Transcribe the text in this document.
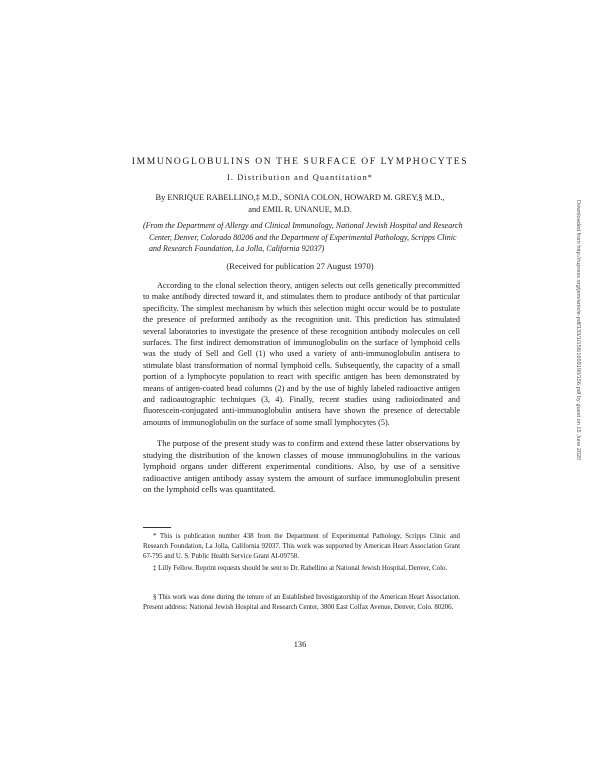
IMMUNOGLOBULINS ON THE SURFACE OF LYMPHOCYTES

I. Distribution and Quantitation*

By ENRIQUE RABELLINO,‡ M.D., SONIA COLON, HOWARD M. GREY,§ M.D.,
and EMIL R. UNANUE, M.D.

(From the Department of Allergy and Clinical Immunology, National Jewish Hospital and Research Center, Denver, Colorado 80206 and the Department of Experimental Pathology, Scripps Clinic and Research Foundation, La Jolla, California 92037)

(Received for publication 27 August 1970)

According to the clonal selection theory, antigen selects out cells genetically precommitted to make antibody directed toward it, and stimulates them to produce antibody of that particular specificity. The simplest mechanism by which this selection might occur would be to postulate the presence of preformed antibody as the recognition unit. This prediction has stimulated several laboratories to investigate the presence of these recognition antibody molecules on cell surfaces. The first indirect demonstration of immunoglobulin on the surface of lymphoid cells was the study of Sell and Gell (1) who used a variety of anti-immunoglobulin antisera to stimulate blast transformation of normal lymphoid cells. Subsequently, the capacity of a small portion of a lymphocyte population to react with specific antigen has been demonstrated by means of antigen-coated bead columns (2) and by the use of highly labeled radioactive antigen and radioautographic techniques (3, 4). Finally, recent studies using radioiodinated and fluorescein-conjugated anti-immunoglobulin antisera have shown the presence of detectable amounts of immunoglobulin on the surface of some small lymphocytes (5).

The purpose of the present study was to confirm and extend these latter observations by studying the distribution of the known classes of mouse immunoglobulins in the various lymphoid organs under different experimental conditions. Also, by use of a sensitive radioactive antigen antibody assay system the amount of surface immunoglobulin present on the lymphoid cells was quantitated.

* This is publication number 438 from the Department of Experimental Pathology, Scripps Clinic and Research Foundation, La Jolla, California 92037. This work was supported by American Heart Association Grant 67-795 and U. S. Public Health Service Grant AI-09758.

‡ Lilly Fellow. Reprint requests should be sent to Dr. Rabellino at National Jewish Hospital, Denver, Colo.

§ This work was done during the tenure of an Established Investigatorship of the American Heart Association. Present address: National Jewish Hospital and Research Center, 3800 East Colfax Avenue, Denver, Colo. 80206.

136

Downloaded from http://rupress.org/jem/article-pdf/133/1/156/1659190/156.pdf by guest on 15 June 2020
